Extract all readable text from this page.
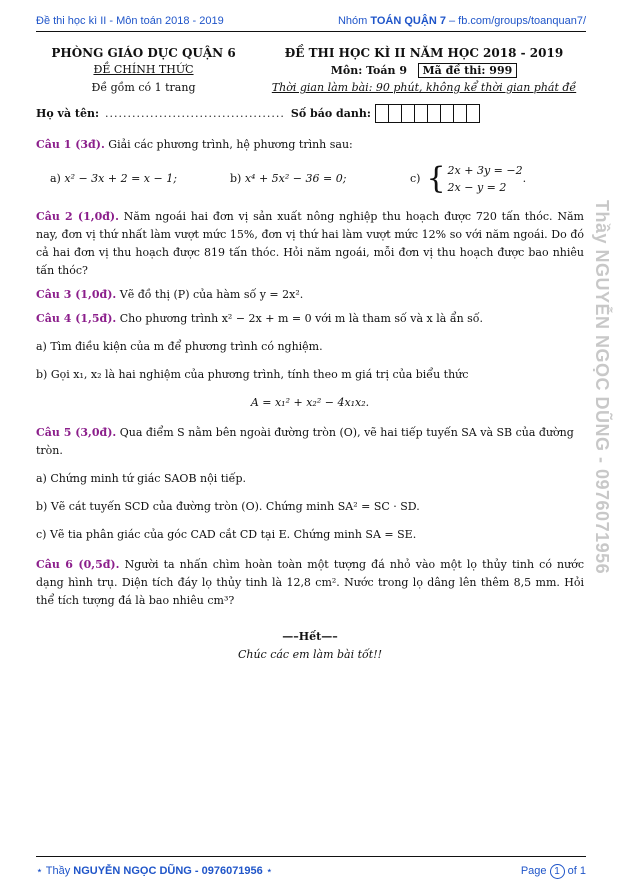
Đề thi học kì II - Môn toán 2018 - 2019	Nhóm TOÁN QUẬN 7 – fb.com/groups/toanquan7/
PHÒNG GIÁO DỤC QUẬN 6
ĐỀ CHÍNH THỨC
Đề gồm có 1 trang
ĐỀ THI HỌC KÌ II NĂM HỌC 2018 - 2019
Môn: Toán 9 Mã đề thi: 999
Thời gian làm bài: 90 phút, không kể thời gian phát đề
Họ và tên: ........................................ Số báo danh:

Câu 1 (3đ). Giải các phương trình, hệ phương trình sau:

a) x² − 3x + 2 = x − 1;	b) x⁴ + 5x² − 36 = 0;	c) { 2x + 3y = −2
2x − y = 2
.

Câu 2 (1,0đ). Năm ngoái hai đơn vị sản xuất nông nghiệp thu hoạch được 720 tấn thóc. Năm nay, đơn vị thứ nhất làm vượt mức 15%, đơn vị thứ hai làm vượt mức 12% so với năm ngoái. Do đó cả hai đơn vị thu hoạch được 819 tấn thóc. Hỏi năm ngoái, mỗi đơn vị thu hoạch được bao nhiêu tấn thóc?

Câu 3 (1,0đ). Vẽ đồ thị (P) của hàm số y = 2x².

Câu 4 (1,5đ). Cho phương trình x² − 2x + m = 0 với m là tham số và x là ẩn số.

a) Tìm điều kiện của m để phương trình có nghiệm.

b) Gọi x₁, x₂ là hai nghiệm của phương trình, tính theo m giá trị của biểu thức

A = x₁² + x₂² − 4x₁x₂.

Câu 5 (3,0đ). Qua điểm S nằm bên ngoài đường tròn (O), vẽ hai tiếp tuyến SA và SB của đường tròn.

a) Chứng minh tứ giác SAOB nội tiếp.

b) Vẽ cát tuyến SCD của đường tròn (O). Chứng minh SA² = SC · SD.

c) Vẽ tia phân giác của góc CAD cắt CD tại E. Chứng minh SA = SE.

Câu 6 (0,5đ). Người ta nhấn chìm hoàn toàn một tượng đá nhỏ vào một lọ thủy tinh có nước dạng hình trụ. Diện tích đáy lọ thủy tinh là 12,8 cm². Nước trong lọ dâng lên thêm 8,5 mm. Hỏi thể tích tượng đá là bao nhiêu cm³?

—–Hết—–

Chúc các em làm bài tốt!!

Thầy NGUYỄN NGỌC DŨNG - 0976071956
⋆ Thầy NGUYỄN NGỌC DŨNG - 0976071956 ⋆	Page 1 of 1
